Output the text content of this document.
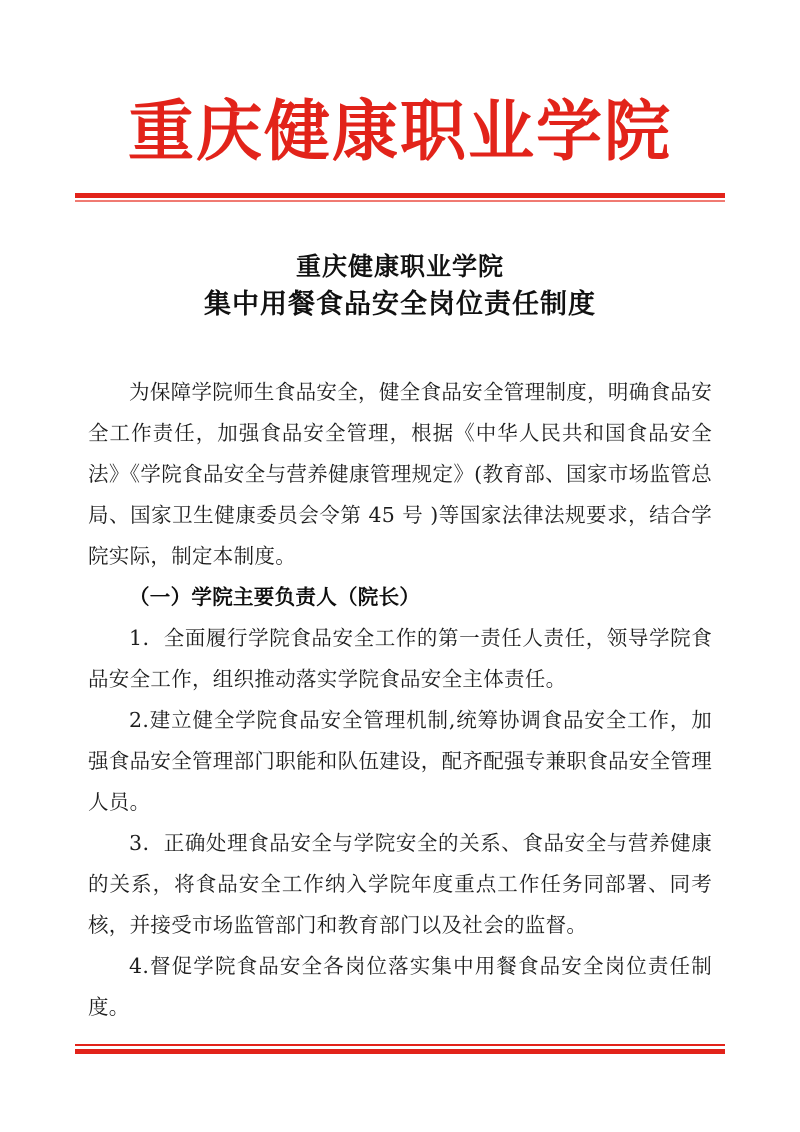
重庆健康职业学院
重庆健康职业学院
集中用餐食品安全岗位责任制度

为保障学院师生食品安全，健全食品安全管理制度，明确食品安全工作责任，加强食品安全管理，根据《中华人民共和国食品安全法》《学院食品安全与营养健康管理规定》(教育部、国家市场监管总局、国家卫生健康委员会令第 45 号 )等国家法律法规要求，结合学院实际，制定本制度。

（一）学院主要负责人（院长）

1．全面履行学院食品安全工作的第一责任人责任，领导学院食品安全工作，组织推动落实学院食品安全主体责任。

2.建立健全学院食品安全管理机制,统筹协调食品安全工作，加强食品安全管理部门职能和队伍建设，配齐配强专兼职食品安全管理人员。

3．正确处理食品安全与学院安全的关系、食品安全与营养健康的关系，将食品安全工作纳入学院年度重点工作任务同部署、同考核，并接受市场监管部门和教育部门以及社会的监督。

4.督促学院食品安全各岗位落实集中用餐食品安全岗位责任制度。
